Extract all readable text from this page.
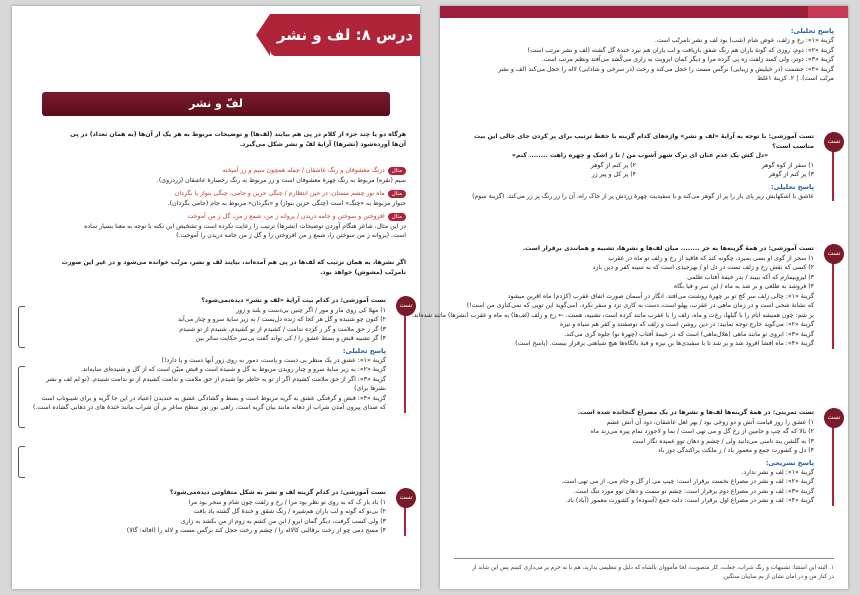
درس ۸: لف و نشر
لفّ و نشر

هرگاه دو یا چند جزء از کلام در پی هم بیایند (لف‌ها) و توضیحات مربوط به هر یک از آن‌ها (به همان تعداد) در پی

آن‌ها آورده‌شود (نشرها) آرایهٔ لفّ و نشر شکل می‌گیرد.

مثالدرنگ معشوقان و رنگ عاشقان / جمله همچون سیم و زر آمیخته

سیم (نقره) مربوط به رنگ چهرهٔ معشوقان است و زر مربوط به رنگ رخسارهٔ عاشقان (زردروی).

مثالماه نور چشم مستان، در حین انتظارم / چنگی حزین و جامی، چنگی بنواز یا بگردان

حنواز مربوط به «چنگ» است (چنگی حزین بنواز) و «بگردان» مربوط به جام (جامی بگردان).

مثالافروختن و سوختن و جامه دریدن / پروانه ز من، شمع ز من، گل ز من آموخت

در این مثال، شاعر هنگام آوردن توضیحات (نشرها) ترتیب را رعایت نکرده است و تشخیص این نکته با توجه به معنا بسیار ساده

است. (پروانه ز من سوختن را، شمع ز من افروختن را و گل ز من جامه دریدن را آموخت.)

اگر نشرها، به همان ترتیب که لف‌ها در پی هم آمده‌اند، بیایند لف و نشر، مرتّب خوانده می‌شود و در غیر این صورت

نامرتّب (مشوش) خواهد بود.

تست

تست آموزشی: در کدام بیت آرایهٔ «لف و نشر» دیده‌نمی‌شود؟

۱) مهلا کی روی مار و مور / اگر چنین بی‌دست و بلند و زور

۲) کنون چو شنیده‌ و گل هر کجا که زنده دل‌پست / به زیر سایهٔ سرو و چنار می‌آید

۳) گر ز حق ملامت و گر ز کرده ندامت / کشیدم از تو کشیدم، شنیدم از تو شنیدم

۴) گر تشبیه قبض و بسط عشق را / کی تواند گفت بی‌سر حکایت سائر بین

پاسخ تحلیلی:

گزینهٔ «۱»: عشق در یک منظر بی دست و پاست، دمور به روی زور آنها دست و پا دارد!)

گزینهٔ «۲»: به زیر سایهٔ سرو و چنار رویدن مربوط به گل و شنیده است و قبض مبیّن است که از گل و شنیده‌ای سایه‌اند.

گزینهٔ «۳»: اگر از حق ملامت کشیدم اگر از تو به خاطر نوا شیدم از حق ملامت و ندامت کشیدم از تو ندامت شنیدم. (تو لم لف و نشر

نشرها برای)

گزینهٔ «۴»: قبض و گرفتگی عشق به گریه مربوط است و بسط و گشادگی عشق به خندیدن (عنیاد در این جا گریه و برای شیبوتاب است

که صدای پیرون آمدن شراب از دهانه مانند بیان گریه است. راهی نور نور سطح ساغر بر آن شراب مانند خندهٔ های در دهانی گشاده است.)

تست

تست آموزشی: در کدام گزینه لف و نشر به شکل متفاوتی دیده‌می‌شود؟

۱) باد بار ک که به روی تو نظر بود مرا / رخ و زلفت چون شام و سحر بود مرا

۲) بی‌نو که گونه و لب یاران هم‌شیره / رنگ شفق و خندهٔ گل گشته یاد بافت

۳) ولی کسب گرفت، دیگر گمان ابرو / ابن من کشم به زوم از من بکشد به زاری

۴) مسح دمی چو از رخت برقالبی کالاله را / چشم و رخت حجل کند نرگس مست و لاله را (افاله: گالا)

پاسخ تحلیلی:

گزینهٔ «۱»: رخ و زلف، عوض شام (شب) بود لف و نشر نامرتّب است.

گزینهٔ «۲»: دوم، روزی که گونهٔ یاران هم رنگ شفق بازیافت و لب یاران هم نیرد خندهٔ گل گشته (لف و نشر مرتب است)

گزینهٔ «۳»: دوتر، ولی کمند زلفت ره پی گرده مرا و دیگر کمان ابرویت به زاری می‌کُشد می‌آفتد ونظم مرتب است.

گزینهٔ «۴»: جشمت (در خیلیش و زیبایی) نرگس مست را خجل می‌کند و رخت (در سرخی و شادابی) لاله را خجل می‌کند (لف و نشر

مرتّب است). | ۲. کزینهٔ ۱غلط

تست

تست آموزشی: با توجه به آرایهٔ «لف و نشر» واژه‌های کدام گزینه با حفظ ترتیب برای پر کردن جای خالی این بیت

مناسب است؟

«دل کش یک عدم عنان ای ترک شهر آشوب من / تا ز اشک و چهره راهت ........ کنم»

۱) سفر از کوه گوهر

۲) پر کنم از گوهر

۳) پر کنم از گوهر

۴) پر کل و پیر زر

پاسخ تحلیلی:

عاشق با اشکهایش زیر پای یار را پر از گوهر می‌کند و با سفیدیت چهرهٔ زردش پر از خاک راه، آن را زر رنگ پر زر می‌کند. (گزینهٔ سوم)

تست

تست آموزشی: در همهٔ گزینه‌ها به جز ........ میان لف‌ها و نشرها، تشبیه و همانندی برقرار است.

۱) سحر از گوی او بسی بمیرد، چگونه کند که فاقید از رخ و زلف تو ماه در عقرب

۲) کسی که نقش رخ و زلف تست در دل او / بهرجیدی است که به سینه کفر و دین بازد

۳) لیروبیمارم که آکه ببیند / بدر خیمهٔ آفتاب طلمی

۴) فروشد به طلعی و بر شد به ماه / این سر و قبا بگاه

گزینهٔ «۱»: چالی زلف سر کج تو بر چهرهٔ روشنت می‌افتد. انگار در آسمان صورت اتفاق عقرب (کژدم) ماه افرین میشود

که نشانهٔ شحی است و در زمان ماهی در عقرب، پهلو است، دست به کاری نزد و سفر نکرد. (می‌گوید این توپی که نمی‌کنازی من است!)

بر شم: چون همیشه ابام را با گیلها، رخ‌ت و ماه، زلف را با عقرب مانند کرده است، تشبیه، هست. ← رخ و زلف (لف‌ها) به ماه و عقرب (نشرها) مانند شده‌اند.

گزینهٔ «۲»: می‌گوید خارج توجه نمایید: در دین روشن است و زلف که توصفتند و کفر هم سیاه و تیره

گزینهٔ «۳»: ابروی تو مانند ماهی (هلال‌ماهی) است که در خیمهٔ آفتاب (چهرهٔ تو) جلوه گری می‌کند.

گزینهٔ «۴»: ماه افشا افرود شد و بر شد تا با سفیدی‌ها بن نیزه و قبهٔ بالگاه‌ها هیچ شباهتی برقرار نیست. (پاسخ است)

تست

تست تمرینی: در همهٔ گزینه‌ها لف‌ها و نشرها در یک مصراع گنجانده شده است.

۱) عشق را روز قیامت آتش و دو زوخی بود / بهر اهل عاشقان، دود آن آتش عشم

۲) بالا که گه چپ و جامین از رخ گل و می تهی است / بما و لاجورد تمام پیره می‌زند ماه

۳) به گلشن پند ناسی می‌دانید ولی / چشم و دهان توو عمیده نگار است

۴) دل و کشورت جمع و معمور باد / ز ملکت پراکندگی دور باد

پاسخ تشریحی:

گزینهٔ «۱»: لف و نشر ندارد.

گزینهٔ «۲»: لف و نشر در مصراع نخست برقرار است: چیپ می‌ از گل و جام می، از می تهی است.

گزینهٔ «۳»: لف و نشر در مصراع دوم برقرار است: چشم تو سمت و دهان توو مورد تنگ است.

گزینهٔ «۴»: لف و نشر در مصراع اول برقرار است: دلت جمع (آسوده) و کشورت معمور (آباد) باد.

۱. البته این استثنا: تشبیهات و رنگ شراب، جعلت، کار منصوبت، لحا مأمووان بالشاه که دلیل و تنظیمی بدارید، هم با به حرم پر می‌دازی کنینم پس این شاید از
در کنار من و در امان نشان از یم سایبان سنگین.
